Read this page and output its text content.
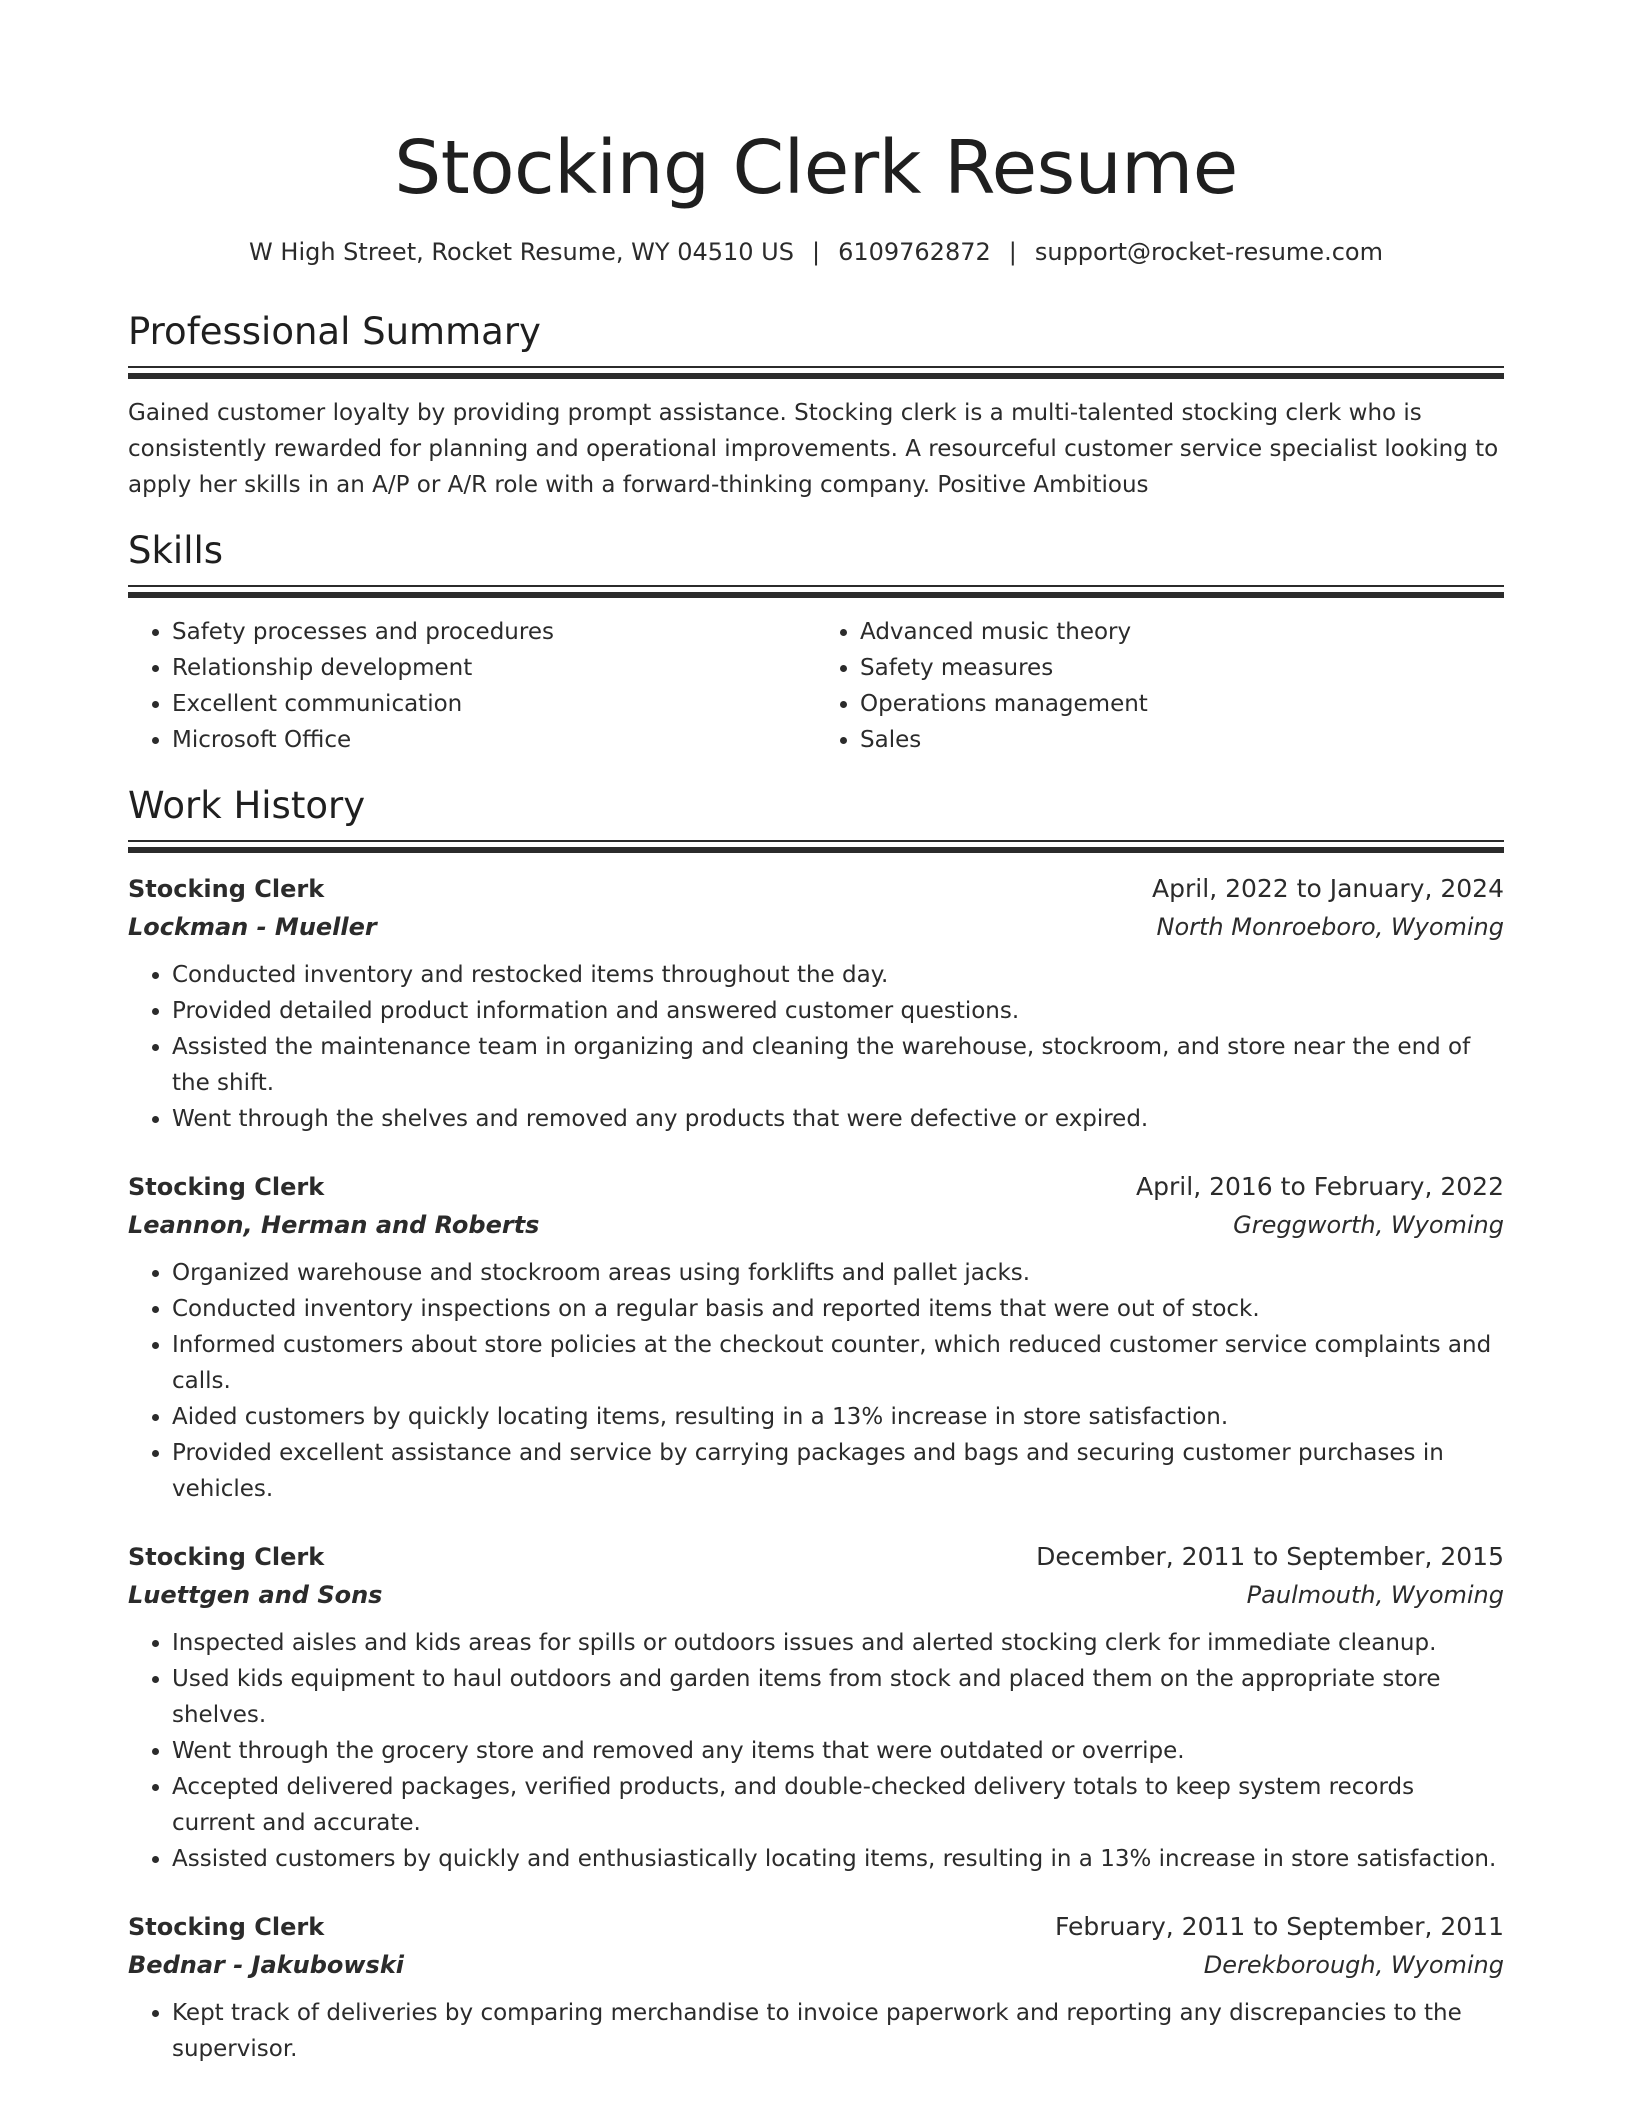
Stocking Clerk Resume
W High Street, Rocket Resume, WY 04510 US | 6109762872 | support@rocket-resume.com
Professional Summary

Gained customer loyalty by providing prompt assistance. Stocking clerk is a multi-talented stocking clerk who is consistently rewarded for planning and operational improvements. A resourceful customer service specialist looking to apply her skills in an A/P or A/R role with a forward-thinking company. Positive Ambitious

Skills
• Safety processes and procedures
• Relationship development
• Excellent communication
• Microsoft Office
• Advanced music theory
• Safety measures
• Operations management
• Sales
Work History
Stocking Clerk	April, 2022 to January, 2024
Lockman - Mueller	North Monroeboro, Wyoming
• Conducted inventory and restocked items throughout the day.
• Provided detailed product information and answered customer questions.
• Assisted the maintenance team in organizing and cleaning the warehouse, stockroom, and store near the end of the shift.
• Went through the shelves and removed any products that were defective or expired.
Stocking Clerk	April, 2016 to February, 2022
Leannon, Herman and Roberts	Greggworth, Wyoming
• Organized warehouse and stockroom areas using forklifts and pallet jacks.
• Conducted inventory inspections on a regular basis and reported items that were out of stock.
• Informed customers about store policies at the checkout counter, which reduced customer service complaints and calls.
• Aided customers by quickly locating items, resulting in a 13% increase in store satisfaction.
• Provided excellent assistance and service by carrying packages and bags and securing customer purchases in vehicles.
Stocking Clerk	December, 2011 to September, 2015
Luettgen and Sons	Paulmouth, Wyoming
• Inspected aisles and kids areas for spills or outdoors issues and alerted stocking clerk for immediate cleanup.
• Used kids equipment to haul outdoors and garden items from stock and placed them on the appropriate store shelves.
• Went through the grocery store and removed any items that were outdated or overripe.
• Accepted delivered packages, verified products, and double-checked delivery totals to keep system records current and accurate.
• Assisted customers by quickly and enthusiastically locating items, resulting in a 13% increase in store satisfaction.
Stocking Clerk	February, 2011 to September, 2011
Bednar - Jakubowski	Derekborough, Wyoming
• Kept track of deliveries by comparing merchandise to invoice paperwork and reporting any discrepancies to the supervisor.
